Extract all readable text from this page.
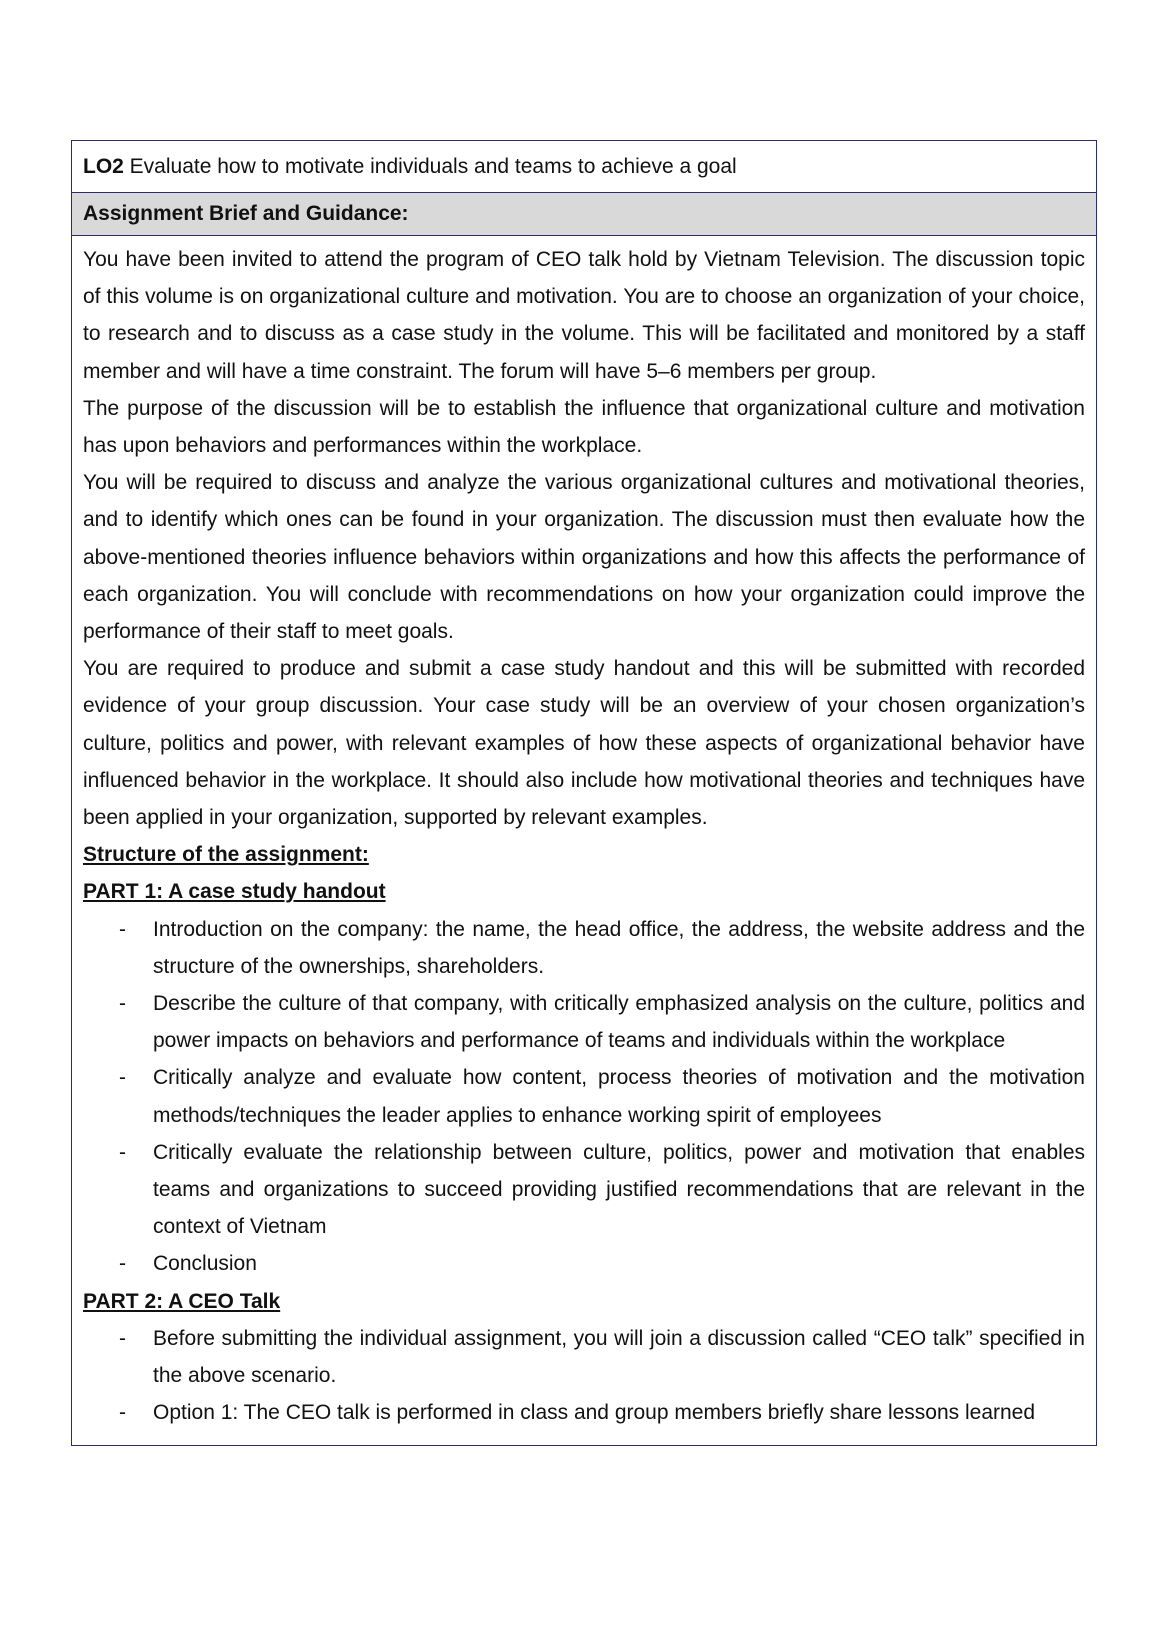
LO2 Evaluate how to motivate individuals and teams to achieve a goal
Assignment Brief and Guidance:

You have been invited to attend the program of CEO talk hold by Vietnam Television. The discussion topic of this volume is on organizational culture and motivation. You are to choose an organization of your choice, to research and to discuss as a case study in the volume. This will be facilitated and monitored by a staff member and will have a time constraint. The forum will have 5–6 members per group.

The purpose of the discussion will be to establish the influence that organizational culture and motivation has upon behaviors and performances within the workplace.

You will be required to discuss and analyze the various organizational cultures and motivational theories, and to identify which ones can be found in your organization. The discussion must then evaluate how the above-mentioned theories influence behaviors within organizations and how this affects the performance of each organization. You will conclude with recommendations on how your organization could improve the performance of their staff to meet goals.

You are required to produce and submit a case study handout and this will be submitted with recorded evidence of your group discussion. Your case study will be an overview of your chosen organization’s culture, politics and power, with relevant examples of how these aspects of organizational behavior have influenced behavior in the workplace. It should also include how motivational theories and techniques have been applied in your organization, supported by relevant examples.

Structure of the assignment:

PART 1: A case study handout

- Introduction on the company: the name, the head office, the address, the website address and the structure of the ownerships, shareholders.
- Describe the culture of that company, with critically emphasized analysis on the culture, politics and power impacts on behaviors and performance of teams and individuals within the workplace
- Critically analyze and evaluate how content, process theories of motivation and the motivation methods/techniques the leader applies to enhance working spirit of employees
- Critically evaluate the relationship between culture, politics, power and motivation that enables teams and organizations to succeed providing justified recommendations that are relevant in the context of Vietnam
- Conclusion

PART 2: A CEO Talk

- Before submitting the individual assignment, you will join a discussion called “CEO talk” specified in the above scenario.
- Option 1: The CEO talk is performed in class and group members briefly share lessons learned
